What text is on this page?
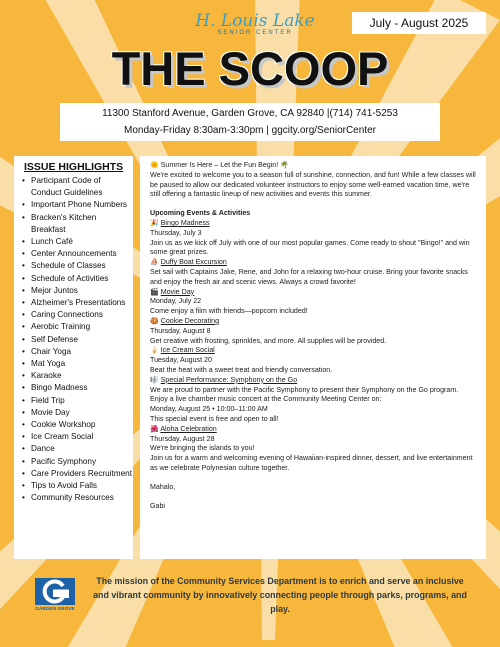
H. Louis Lake
SENIOR CENTER
July - August 2025
THE SCOOP
11300 Stanford Avenue, Garden Grove, CA 92840 |(714) 741-5253
Monday-Friday 8:30am-3:30pm | ggcity.org/SeniorCenter
ISSUE HIGHLIGHTS
• Participant Code of Conduct Guidelines
• Important Phone Numbers
• Bracken's Kitchen Breakfast
• Lunch Café
• Center Announcements
• Schedule of Classes
• Schedule of Activities
• Mejor Juntos
• Alzheimer's Presentations
• Caring Connections
• Aerobic Training
• Self Defense
• Chair Yoga
• Mat Yoga
• Karaoke
• Bingo Madness
• Field Trip
• Movie Day
• Cookie Workshop
• Ice Cream Social
• Dance
• Pacific Symphony
• Care Providers Recruitment
• Tips to Avoid Falls
• Community Resources

🌞 Summer Is Here – Let the Fun Begin! 🌴

We're excited to welcome you to a season full of sunshine, connection, and fun! While a few classes will be paused to allow our dedicated volunteer instructors to enjoy some well-earned vacation time, we're still offering a fantastic lineup of new activities and events this summer.

Upcoming Events & Activities

🎉 Bingo Madness

Thursday, July 3

Join us as we kick off July with one of our most popular games. Come ready to shout "Bingo!" and win some great prizes.

⛵ Duffy Boat Excursion

Set sail with Captains Jake, Rene, and John for a relaxing two-hour cruise. Bring your favorite snacks and enjoy the fresh air and scenic views. Always a crowd favorite!

🎬 Movie Day

Monday, July 22

Come enjoy a film with friends—popcorn included!

🍪 Cookie Decorating

Thursday, August 8

Get creative with frosting, sprinkles, and more. All supplies will be provided.

🍦 Ice Cream Social

Tuesday, August 20

Beat the heat with a sweet treat and friendly conversation.

🎼 Special Performance: Symphony on the Go

We are proud to partner with the Pacific Symphony to present their Symphony on the Go program.

Enjoy a live chamber music concert at the Community Meeting Center on:

Monday, August 25 • 10:00–11:00 AM

This special event is free and open to all!

🌺 Aloha Celebration

Thursday, August 28

We're bringing the islands to you!

Join us for a warm and welcoming evening of Hawaiian-inspired dinner, dessert, and live entertainment as we celebrate Polynesian culture together.

Mahalo,

Gabi

GARDEN GROVE
The mission of the Community Services Department is to enrich and serve an inclusive and vibrant community by innovatively connecting people through parks, programs, and play.
